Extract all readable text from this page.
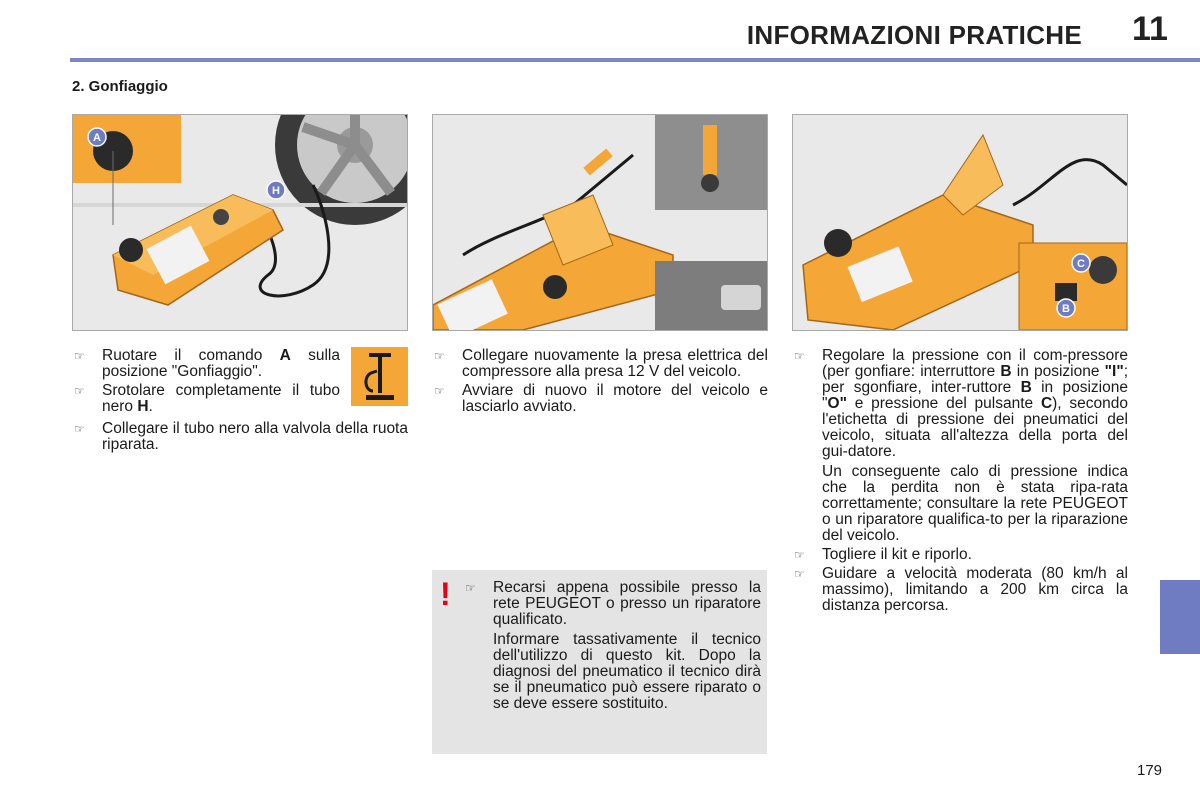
INFORMAZIONI PRATICHE 11
2. Gonfiaggio
A
H
C
B
☞ Ruotare il comando A sulla posizione "Gonfiaggio".
☞ Srotolare completamente il tubo nero H.
☞ Collegare il tubo nero alla valvola della ruota riparata.
☞ Collegare nuovamente la presa elettrica del compressore alla presa 12 V del veicolo.
☞ Avviare di nuovo il motore del veicolo e lasciarlo avviato.
! ☞ Recarsi appena possibile presso la rete PEUGEOT o presso un riparatore qualificato.
Informare tassativamente il tecnico dell'utilizzo di questo kit. Dopo la diagnosi del pneumatico il tecnico dirà se il pneumatico può essere riparato o se deve essere sostituito.
☞ Regolare la pressione con il com-pressore (per gonfiare: interruttore B in posizione "I"; per sgonfiare, inter-ruttore B in posizione "O" e pressione del pulsante C), secondo l'etichetta di pressione dei pneumatici del veicolo, situata all'altezza della porta del gui-datore.
Un conseguente calo di pressione indica che la perdita non è stata ripa-rata correttamente; consultare la rete PEUGEOT o un riparatore qualifica-to per la riparazione del veicolo.
☞ Togliere il kit e riporlo.
☞ Guidare a velocità moderata (80 km/h al massimo), limitando a 200 km circa la distanza percorsa.
179
